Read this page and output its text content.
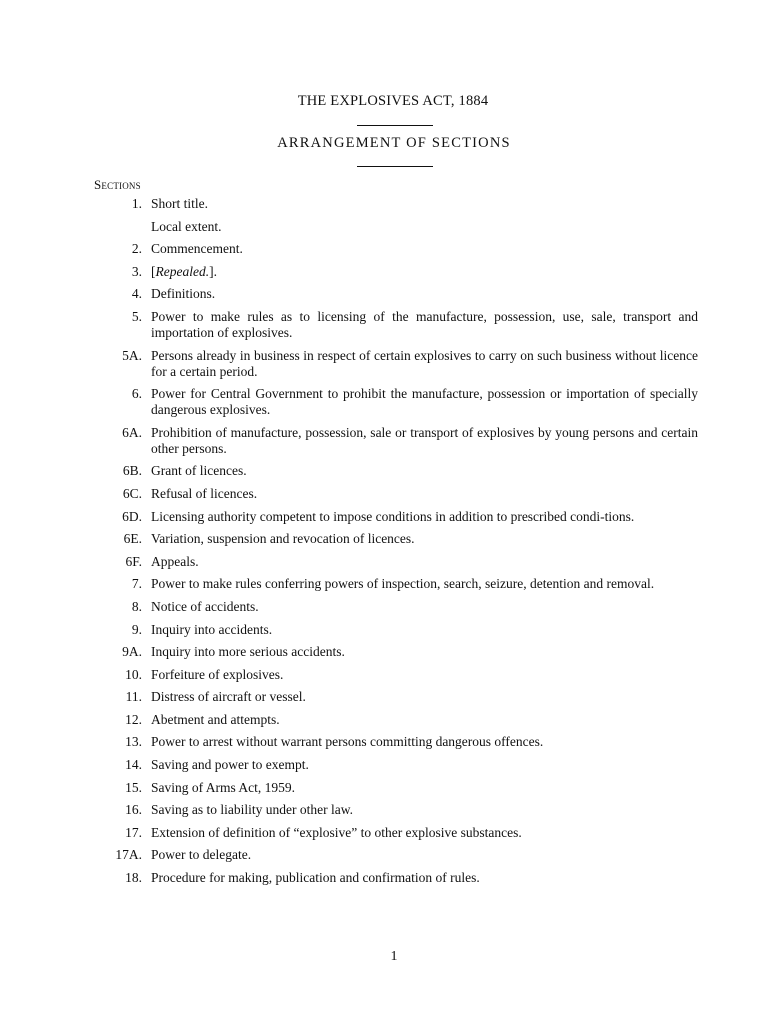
THE EXPLOSIVES ACT, 1884
ARRANGEMENT OF SECTIONS
Sections
1. Short title.
Local extent.
2. Commencement.
3. [Repealed.].
4. Definitions.
5. Power to make rules as to licensing of the manufacture, possession, use, sale, transport and importation of explosives.
5A. Persons already in business in respect of certain explosives to carry on such business without licence for a certain period.
6. Power for Central Government to prohibit the manufacture, possession or importation of specially dangerous explosives.
6A. Prohibition of manufacture, possession, sale or transport of explosives by young persons and certain other persons.
6B. Grant of licences.
6C. Refusal of licences.
6D. Licensing authority competent to impose conditions in addition to prescribed condi-tions.
6E. Variation, suspension and revocation of licences.
6F. Appeals.
7. Power to make rules conferring powers of inspection, search, seizure, detention and removal.
8. Notice of accidents.
9. Inquiry into accidents.
9A. Inquiry into more serious accidents.
10. Forfeiture of explosives.
11. Distress of aircraft or vessel.
12. Abetment and attempts.
13. Power to arrest without warrant persons committing dangerous offences.
14. Saving and power to exempt.
15. Saving of Arms Act, 1959.
16. Saving as to liability under other law.
17. Extension of definition of “explosive” to other explosive substances.
17A. Power to delegate.
18. Procedure for making, publication and confirmation of rules.
1
